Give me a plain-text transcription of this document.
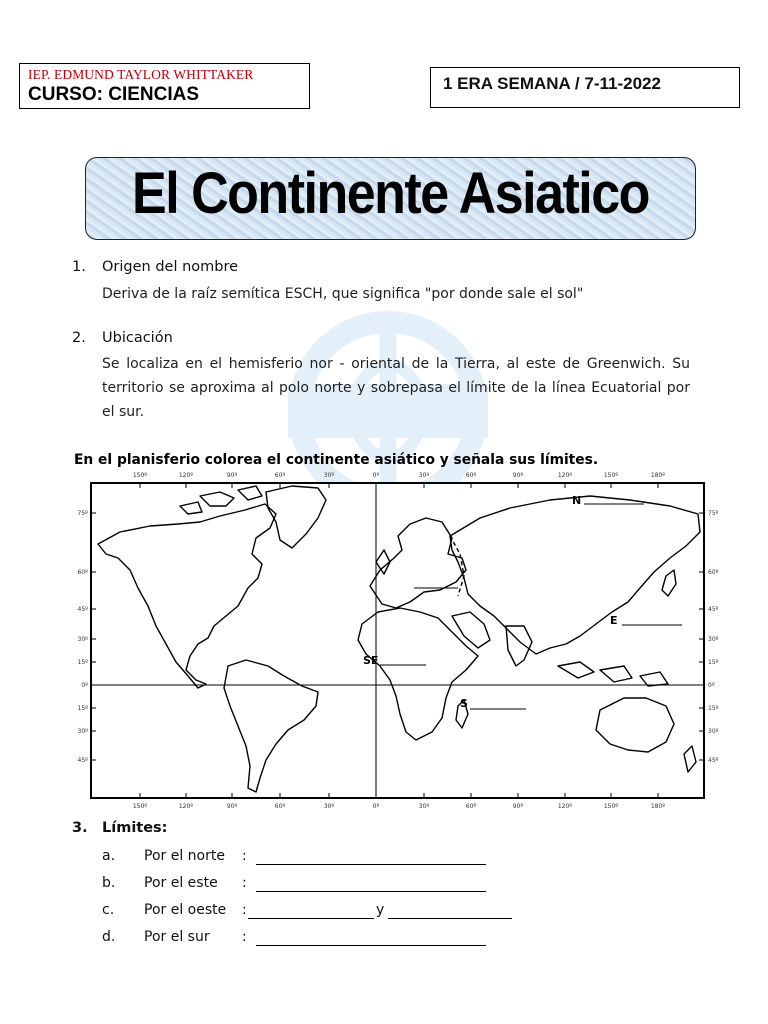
IEP. EDMUND TAYLOR WHITTAKER
CURSO: CIENCIAS
1 ERA SEMANA / 7-11-2022
El Continente Asiatico
1. Origen del nombre
Deriva de la raíz semítica ESCH, que significa "por donde sale el sol"
2. Ubicación
Se localiza en el hemisferio nor - oriental de la Tierra, al este de Greenwich. Su territorio se aproxima al polo norte y sobrepasa el límite de la línea Ecuatorial por el sur.
En el planisferio colorea el continente asiático y señala sus límites.
150º	120º	90º	60º	30º	0º	30º	60º	90º	120º	150º	180º
150º	120º	90º	60º	30º	0º	30º	60º	90º	120º	150º	180º
75º
60º
45º
30º
15º
0º
15º
30º
45º
75º
60º
45º
30º
15º
0º
15º
30º
45º
N
E
SE
S
3. Límites:
a. Por el norte :
b. Por el este :
c. Por el oeste :	y
d. Por el sur :
